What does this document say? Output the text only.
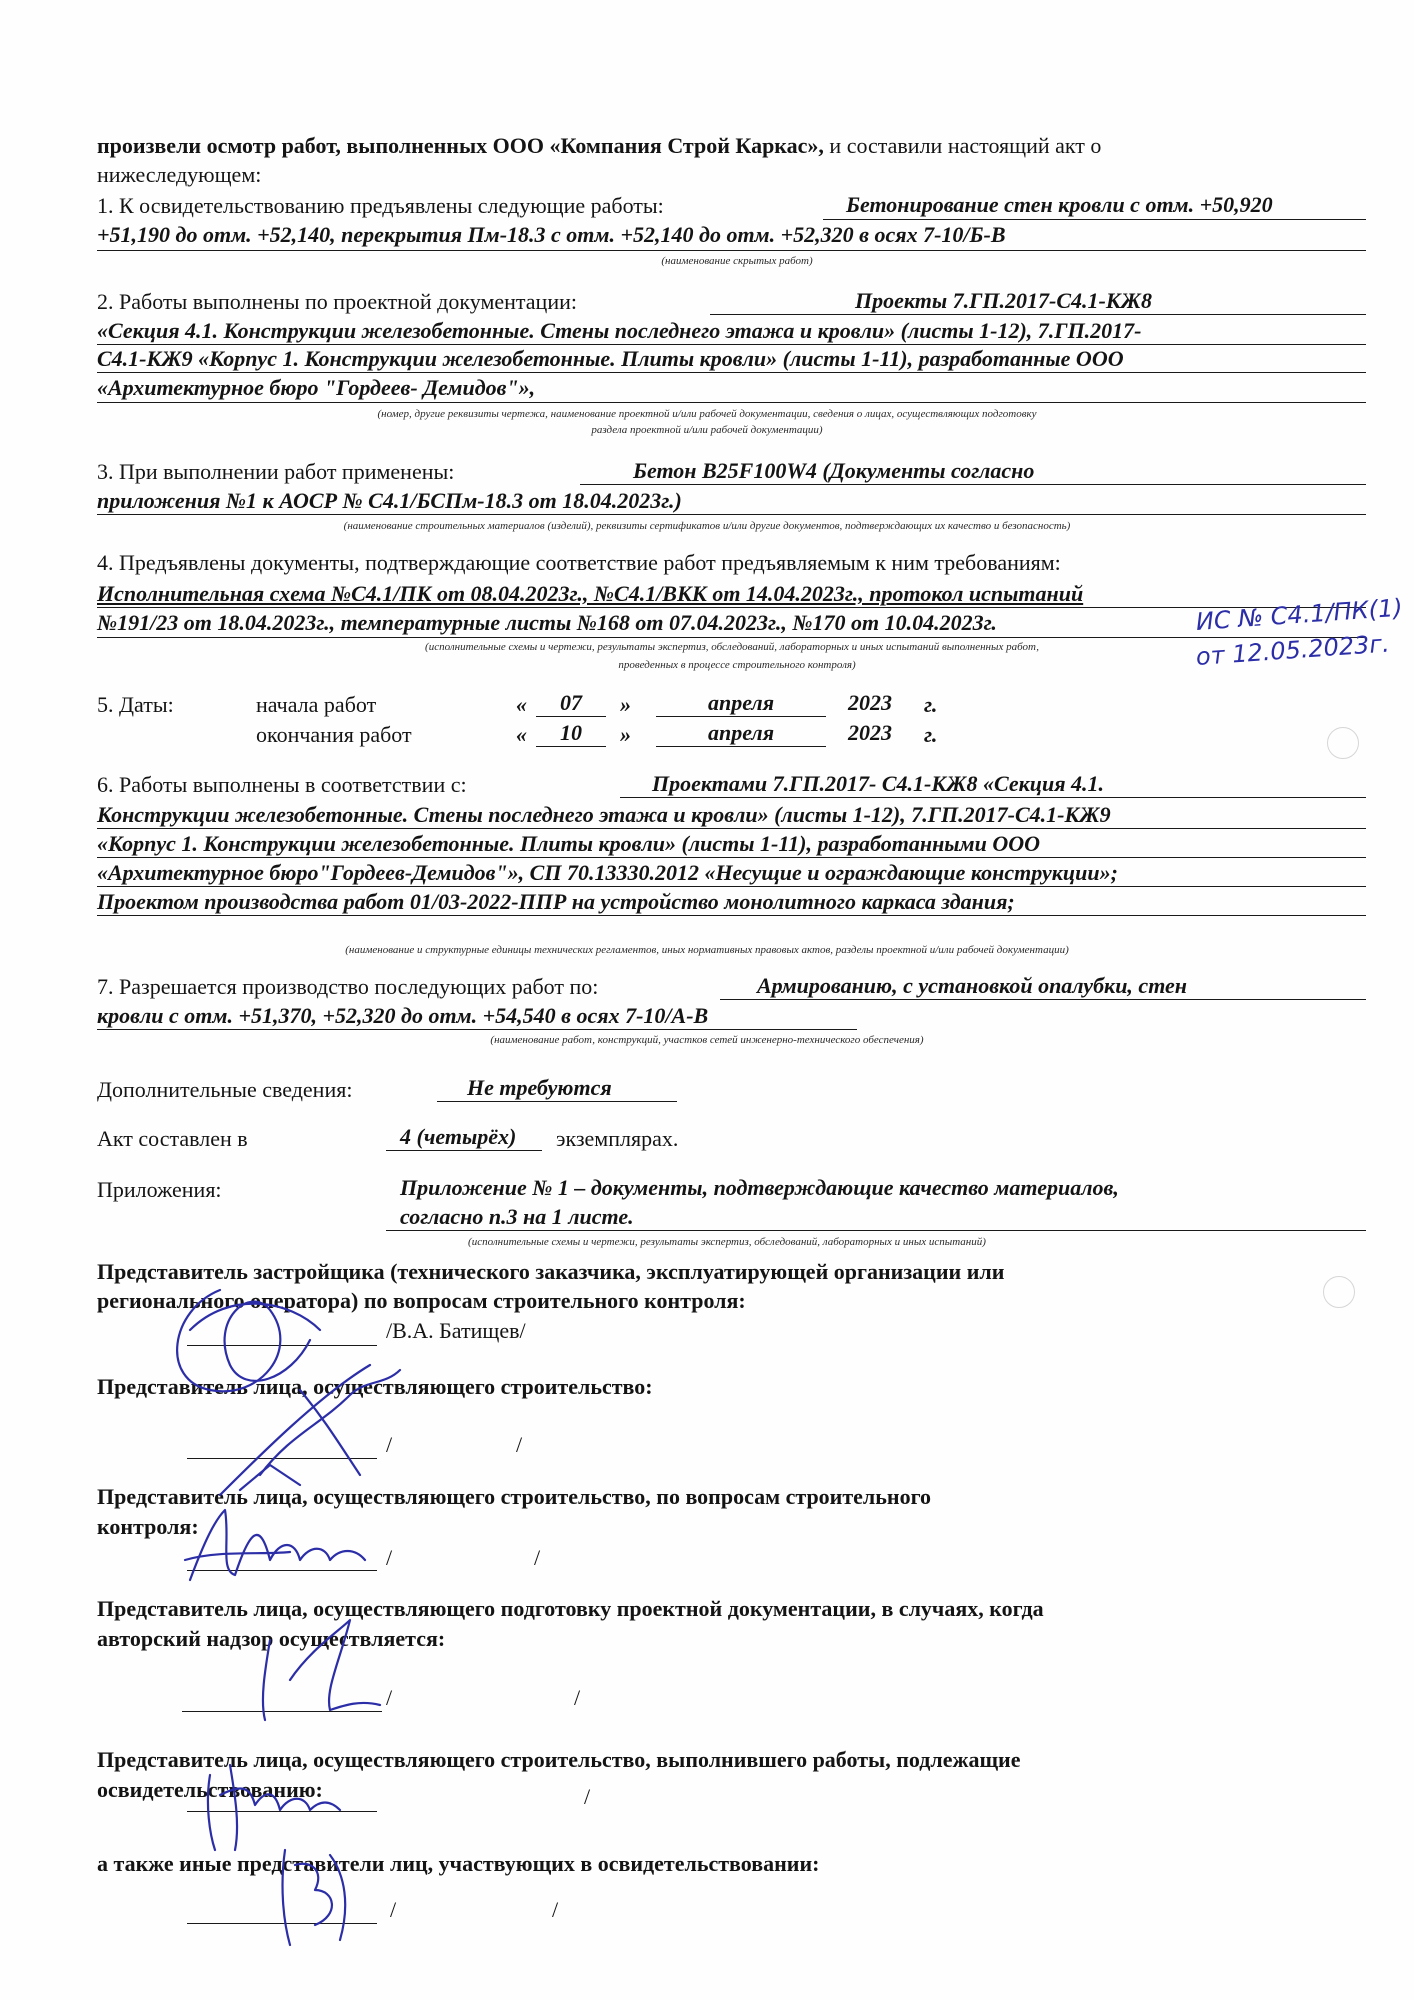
произвели осмотр работ, выполненных ООО «Компания Строй Каркас», и составили настоящий акт о
нижеследующем:
1. К освидетельствованию предъявлены следующие работы:	Бетонирование стен кровли с отм. +50,920
+51,190 до отм. +52,140, перекрытия Пм-18.3 с отм. +52,140 до отм. +52,320 в осях 7-10/Б-В
(наименование скрытых работ)
2. Работы выполнены по проектной документации:	Проекты 7.ГП.2017-С4.1-КЖ8
«Секция 4.1. Конструкции железобетонные. Стены последнего этажа и кровли» (листы 1-12), 7.ГП.2017-
С4.1-КЖ9 «Корпус 1. Конструкции железобетонные. Плиты кровли» (листы 1-11), разработанные ООО
«Архитектурное бюро "Гордеев- Демидов"»,
(номер, другие реквизиты чертежа, наименование проектной и/или рабочей документации, сведения о лицах, осуществляющих подготовку
раздела проектной и/или рабочей документации)
3. При выполнении работ применены:	Бетон В25F100W4 (Документы согласно
приложения №1 к АОСР № С4.1/БСПм-18.3 от 18.04.2023г.)
(наименование строительных материалов (изделий), реквизиты сертификатов и/или другие документов, подтверждающих их качество и безопасность)
4. Предъявлены документы, подтверждающие соответствие работ предъявляемым к ним требованиям:
Исполнительная схема №С4.1/ПК от 08.04.2023г., №С4.1/ВКК от 14.04.2023г., протокол испытаний
№191/23 от 18.04.2023г., температурные листы №168 от 07.04.2023г., №170 от 10.04.2023г.	ИС № С4.1/ПК(1)
от 12.05.2023г.
(исполнительные схемы и чертежи, результаты экспертиз, обследований, лабораторных и иных испытаний выполненных работ,
проведенных в процессе строительного контроля)
5. Даты:	начала работ	«	07	»	апреля	2023 г.
окончания работ	«	10	»	апреля	2023 г.
6. Работы выполнены в соответствии с:	Проектами 7.ГП.2017- С4.1-КЖ8 «Секция 4.1.
Конструкции железобетонные. Стены последнего этажа и кровли» (листы 1-12), 7.ГП.2017-С4.1-КЖ9
«Корпус 1. Конструкции железобетонные. Плиты кровли» (листы 1-11), разработанными ООО
«Архитектурное бюро"Гордеев-Демидов"», СП 70.13330.2012 «Несущие и ограждающие конструкции»;
Проектом производства работ 01/03-2022-ППР на устройство монолитного каркаса здания;
(наименование и структурные единицы технических регламентов, иных нормативных правовых актов, разделы проектной и/или рабочей документации)
7. Разрешается производство последующих работ по:	Армированию, с установкой опалубки, стен
кровли с отм. +51,370, +52,320 до отм. +54,540 в осях 7-10/А-В
(наименование работ, конструкций, участков сетей инженерно-технического обеспечения)
Дополнительные сведения:	Не требуются
Акт составлен в	4 (четырёх) экземплярах.
Приложения:	Приложение № 1 – документы, подтверждающие качество материалов,
согласно п.3 на 1 листе.
(исполнительные схемы и чертежи, результаты экспертиз, обследований, лабораторных и иных испытаний)
Представитель застройщика (технического заказчика, эксплуатирующей организации или
регионального оператора) по вопросам строительного контроля:
/В.А. Батищев/
Представитель лица, осуществляющего строительство:
/	/
Представитель лица, осуществляющего строительство, по вопросам строительного
контроля:
/	/
Представитель лица, осуществляющего подготовку проектной документации, в случаях, когда
авторский надзор осуществляется:
/	/
Представитель лица, осуществляющего строительство, выполнившего работы, подлежащие
освидетельствованию:	/
а также иные представители лиц, участвующих в освидетельствовании:
/	/
